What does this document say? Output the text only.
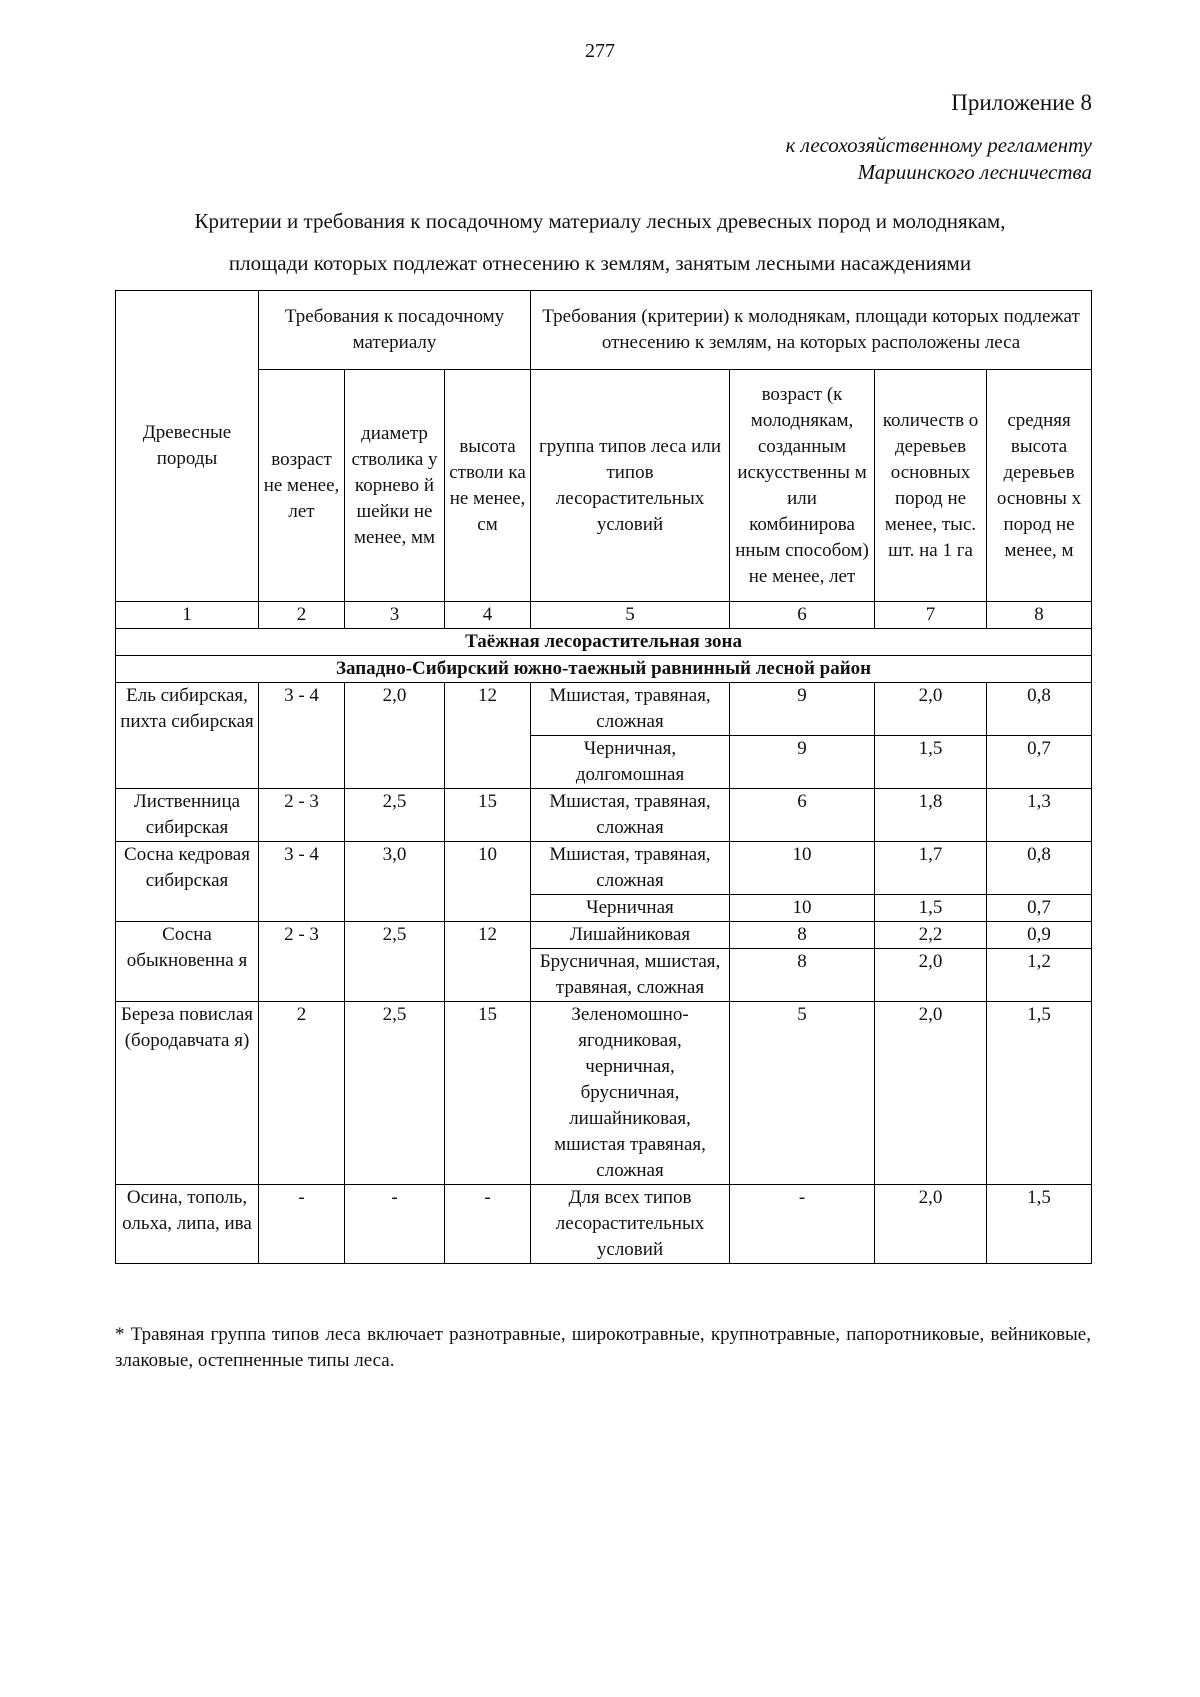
277
Приложение 8
к лесохозяйственному регламенту
Мариинского лесничества
Критерии и требования к посадочному материалу лесных древесных пород и молоднякам,
площади которых подлежат отнесению к землям, занятым лесными насаждениями
Древесные породы	Требования к посадочному материалу			Требования (критерии) к молоднякам, площади которых подлежат отнесению к землям, на которых расположены леса			
	возраст не менее, лет	диаметр стволика у корнево й шейки не менее, мм	высота стволи ка не менее, см	группа типов леса или типов лесорастительных условий	возраст (к молоднякам, созданным искусственны м или комбинирова нным способом) не менее, лет	количеств о деревьев основных пород не менее, тыс. шт. на 1 га	средняя высота деревьев основны х пород не менее, м
1	2	3	4	5	6	7	8
Таёжная лесорастительная зона							
Западно-Сибирский южно-таежный равнинный лесной район							
Ель сибирская, пихта сибирская	3 - 4	2,0	12	Мшистая, травяная, сложная	9	2,0	0,8
				Черничная, долгомошная	9	1,5	0,7
Лиственница сибирская	2 - 3	2,5	15	Мшистая, травяная, сложная	6	1,8	1,3
Сосна кедровая сибирская	3 - 4	3,0	10	Мшистая, травяная, сложная	10	1,7	0,8
				Черничная	10	1,5	0,7
Сосна обыкновенна я	2 - 3	2,5	12	Лишайниковая	8	2,2	0,9
				Брусничная, мшистая, травяная, сложная	8	2,0	1,2
Береза повислая (бородавчата я)	2	2,5	15	Зеленомошно-ягодниковая, черничная, брусничная, лишайниковая, мшистая травяная, сложная	5	2,0	1,5
Осина, тополь, ольха, липа, ива	-	-	-	Для всех типов лесорастительных условий	-	2,0	1,5
* Травяная группа типов леса включает разнотравные, широкотравные, крупнотравные, папоротниковые, вейниковые, злаковые, остепненные типы леса.
